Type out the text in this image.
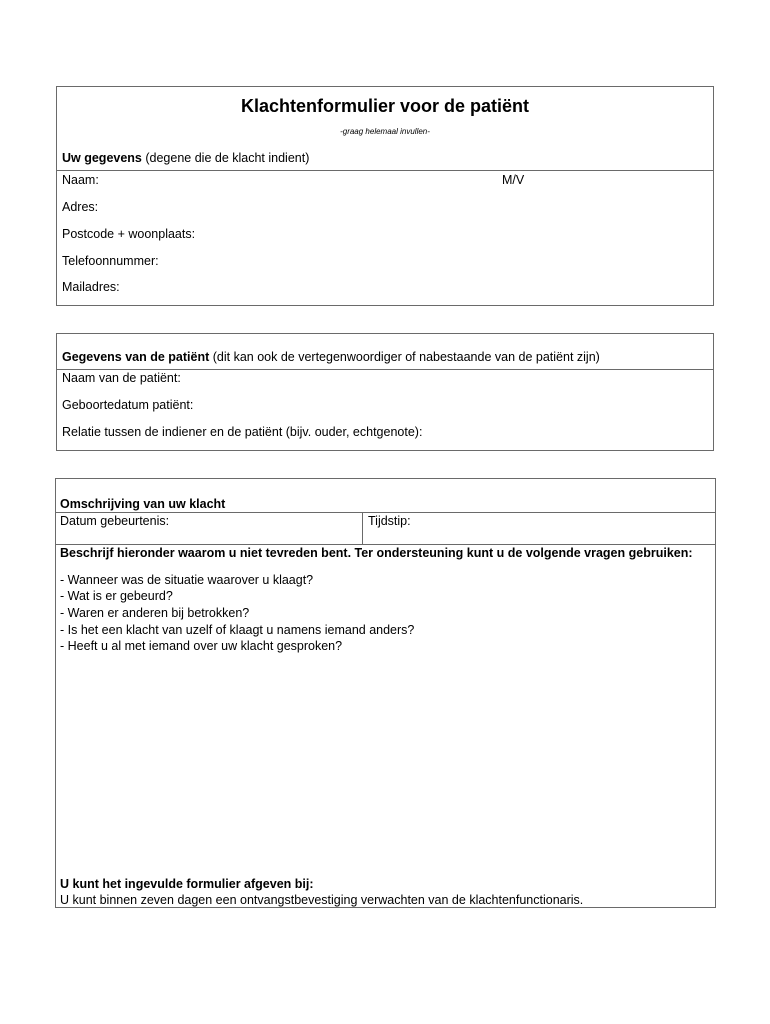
Klachtenformulier voor de patiënt
-graag helemaal invullen-
Uw gegevens (degene die de klacht indient)
Naam:	M/V
Adres:
Postcode + woonplaats:
Telefoonnummer:
Mailadres:
Gegevens van de patiënt (dit kan ook de vertegenwoordiger of nabestaande van de patiënt zijn)
Naam van de patiënt:
Geboortedatum patiënt:
Relatie tussen de indiener en de patiënt (bijv. ouder, echtgenote):
Omschrijving van uw klacht
Datum gebeurtenis:	Tijdstip:
Beschrijf hieronder waarom u niet tevreden bent. Ter ondersteuning kunt u de volgende vragen gebruiken:
- Wanneer was de situatie waarover u klaagt?
- Wat is er gebeurd?
- Waren er anderen bij betrokken?
- Is het een klacht van uzelf of klaagt u namens iemand anders?
- Heeft u al met iemand over uw klacht gesproken?
U kunt het ingevulde formulier afgeven bij:
U kunt binnen zeven dagen een ontvangstbevestiging verwachten van de klachtenfunctionaris.
